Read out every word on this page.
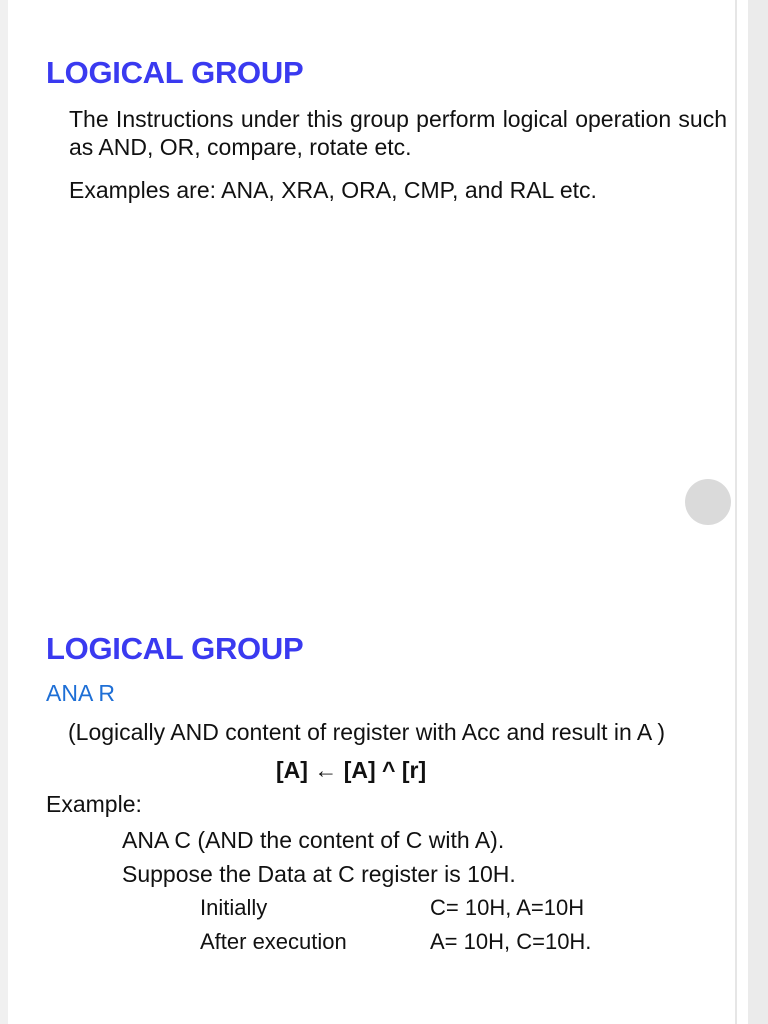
LOGICAL GROUP

The Instructions under this group perform logical operation such as AND, OR, compare, rotate etc.

Examples are: ANA, XRA, ORA, CMP, and RAL etc.

LOGICAL GROUP

ANA R

(Logically AND content of register with Acc and result in A )

[A] ← [A] ^ [r]

Example:

ANA C (AND the content of C with A).

Suppose the Data at C register is 10H.

Initially	C= 10H, A=10H

After execution	A= 10H, C=10H.
